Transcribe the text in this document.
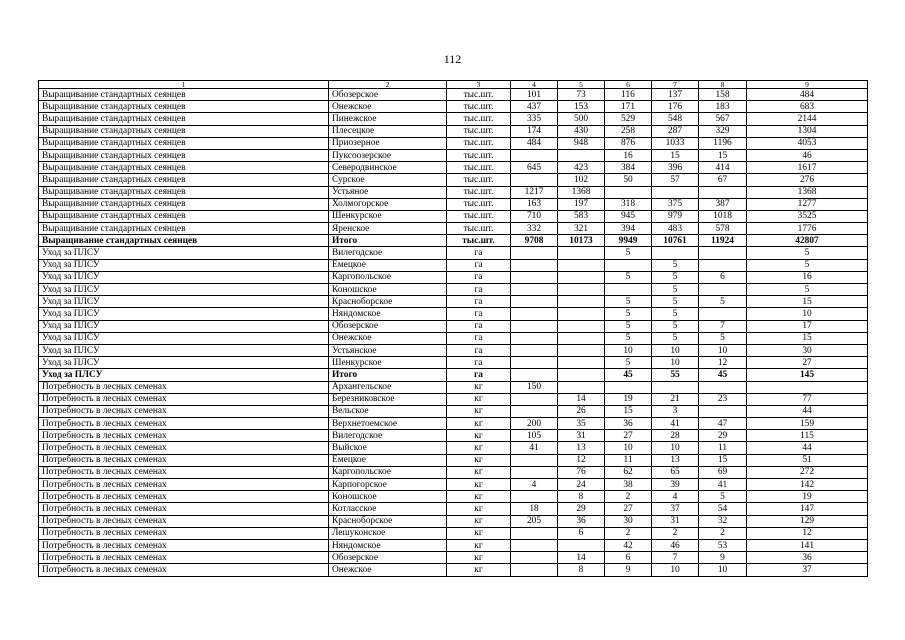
112
1	2	3	4	5	6	7	8	9
Выращивание стандартных сеянцев	Обозерское	тыс.шт.	101	73	116	137	158	484
Выращивание стандартных сеянцев	Онежское	тыс.шт.	437	153	171	176	183	683
Выращивание стандартных сеянцев	Пинежское	тыс.шт.	335	500	529	548	567	2144
Выращивание стандартных сеянцев	Плесецкое	тыс.шт.	174	430	258	287	329	1304
Выращивание стандартных сеянцев	Приозерное	тыс.шт.	484	948	876	1033	1196	4053
Выращивание стандартных сеянцев	Пуксоозерское	тыс.шт.			16	15	15	46
Выращивание стандартных сеянцев	Северодвинское	тыс.шт.	645	423	384	396	414	1617
Выращивание стандартных сеянцев	Сурское	тыс.шт.		102	50	57	67	276
Выращивание стандартных сеянцев	Устьяное	тыс.шт.	1217	1368				1368
Выращивание стандартных сеянцев	Холмогорское	тыс.шт.	163	197	318	375	387	1277
Выращивание стандартных сеянцев	Шенкурское	тыс.шт.	710	583	945	979	1018	3525
Выращивание стандартных сеянцев	Яренское	тыс.шт.	332	321	394	483	578	1776
Выращивание стандартных сеянцев	Итого	тыс.шт.	9708	10173	9949	10761	11924	42807
Уход за ПЛСУ	Вилегодское	га			5			5
Уход за ПЛСУ	Емецкое	га				5		5
Уход за ПЛСУ	Каргопольское	га			5	5	6	16
Уход за ПЛСУ	Коношское	га				5		5
Уход за ПЛСУ	Красноборское	га			5	5	5	15
Уход за ПЛСУ	Няндомское	га			5	5		10
Уход за ПЛСУ	Обозерское	га			5	5	7	17
Уход за ПЛСУ	Онежское	га			5	5	5	15
Уход за ПЛСУ	Устьянское	га			10	10	10	30
Уход за ПЛСУ	Шенкурское	га			5	10	12	27
Уход за ПЛСУ	Итого	га			45	55	45	145
Потребность в лесных семенах	Архангельское	кг	150					
Потребность в лесных семенах	Березниковское	кг		14	19	21	23	77
Потребность в лесных семенах	Вельское	кг		26	15	3		44
Потребность в лесных семенах	Верхнетоемское	кг	200	35	36	41	47	159
Потребность в лесных семенах	Вилегодское	кг	105	31	27	28	29	115
Потребность в лесных семенах	Выйское	кг	41	13	10	10	11	44
Потребность в лесных семенах	Емецкое	кг		12	11	13	15	51
Потребность в лесных семенах	Каргопольское	кг		76	62	65	69	272
Потребность в лесных семенах	Карпогорское	кг	4	24	38	39	41	142
Потребность в лесных семенах	Коношское	кг		8	2	4	5	19
Потребность в лесных семенах	Котласское	кг	18	29	27	37	54	147
Потребность в лесных семенах	Красноборское	кг	205	36	30	31	32	129
Потребность в лесных семенах	Лешуконское	кг		6	2	2	2	12
Потребность в лесных семенах	Няндомское	кг			42	46	53	141
Потребность в лесных семенах	Обозерское	кг		14	6	7	9	36
Потребность в лесных семенах	Онежское	кг		8	9	10	10	37
